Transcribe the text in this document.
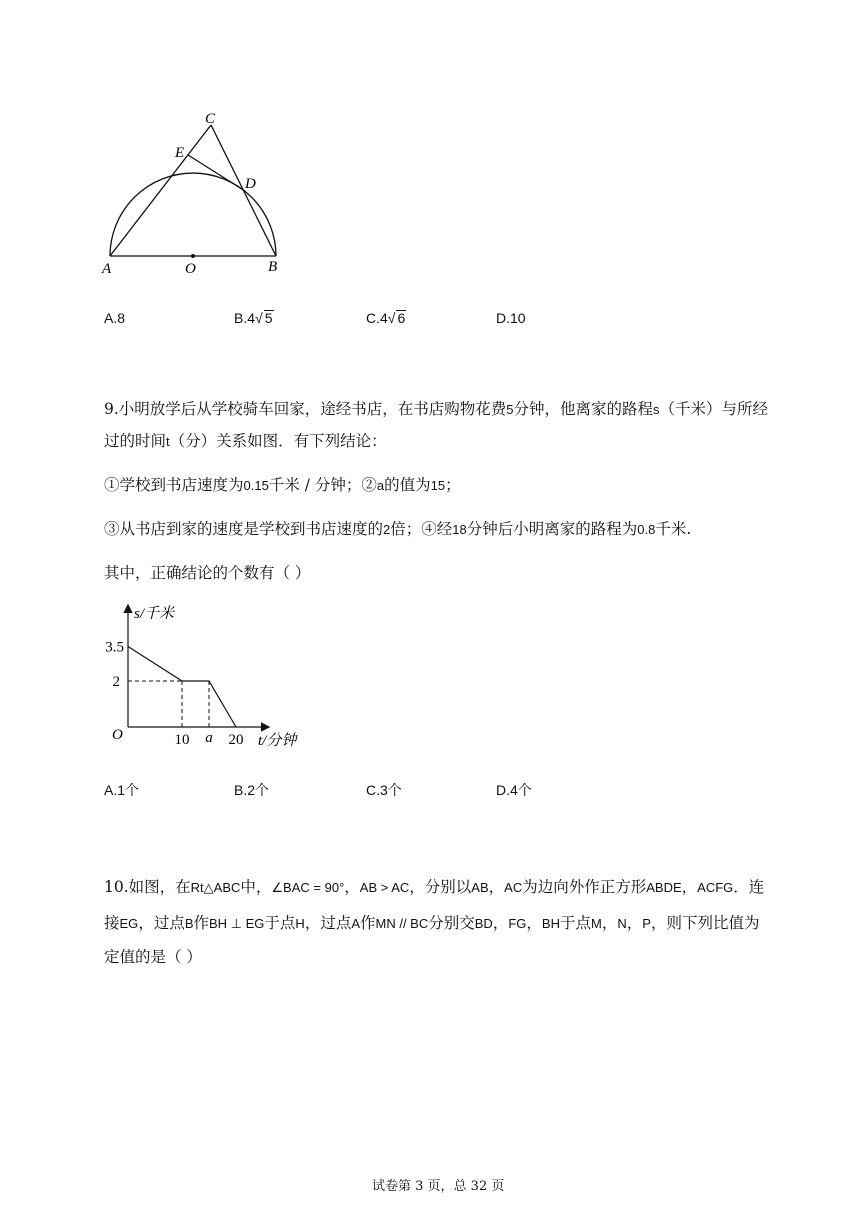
A	O	B
C
E
D
A.8	B.4√ 5	C.4√ 6	D.10
9.小明放学后从学校骑车回家，途经书店，在书店购物花费5分钟，他离家的路程s（千米）与所经
过的时间t（分）关系如图．有下列结论：
①学校到书店速度为0.15千米 / 分钟；②a的值为15；
③从书店到家的速度是学校到书店速度的2倍；④经18分钟后小明离家的路程为0.8千米.
其中，正确结论的个数有（ ）
s/千米
t/分钟
O
3.5
2
10 a 20
A.1个	B.2个	C.3个	D.4个
10.如图，在Rt△ABC中，∠BAC = 90°，AB > AC，分别以AB，AC为边向外作正方形ABDE，ACFG．连
接EG，过点B作BH ⊥ EG于点H，过点A作MN // BC分别交BD，FG，BH于点M，N，P，则下列比值为
定值的是（ ）
试卷第 3 页，总 32 页
